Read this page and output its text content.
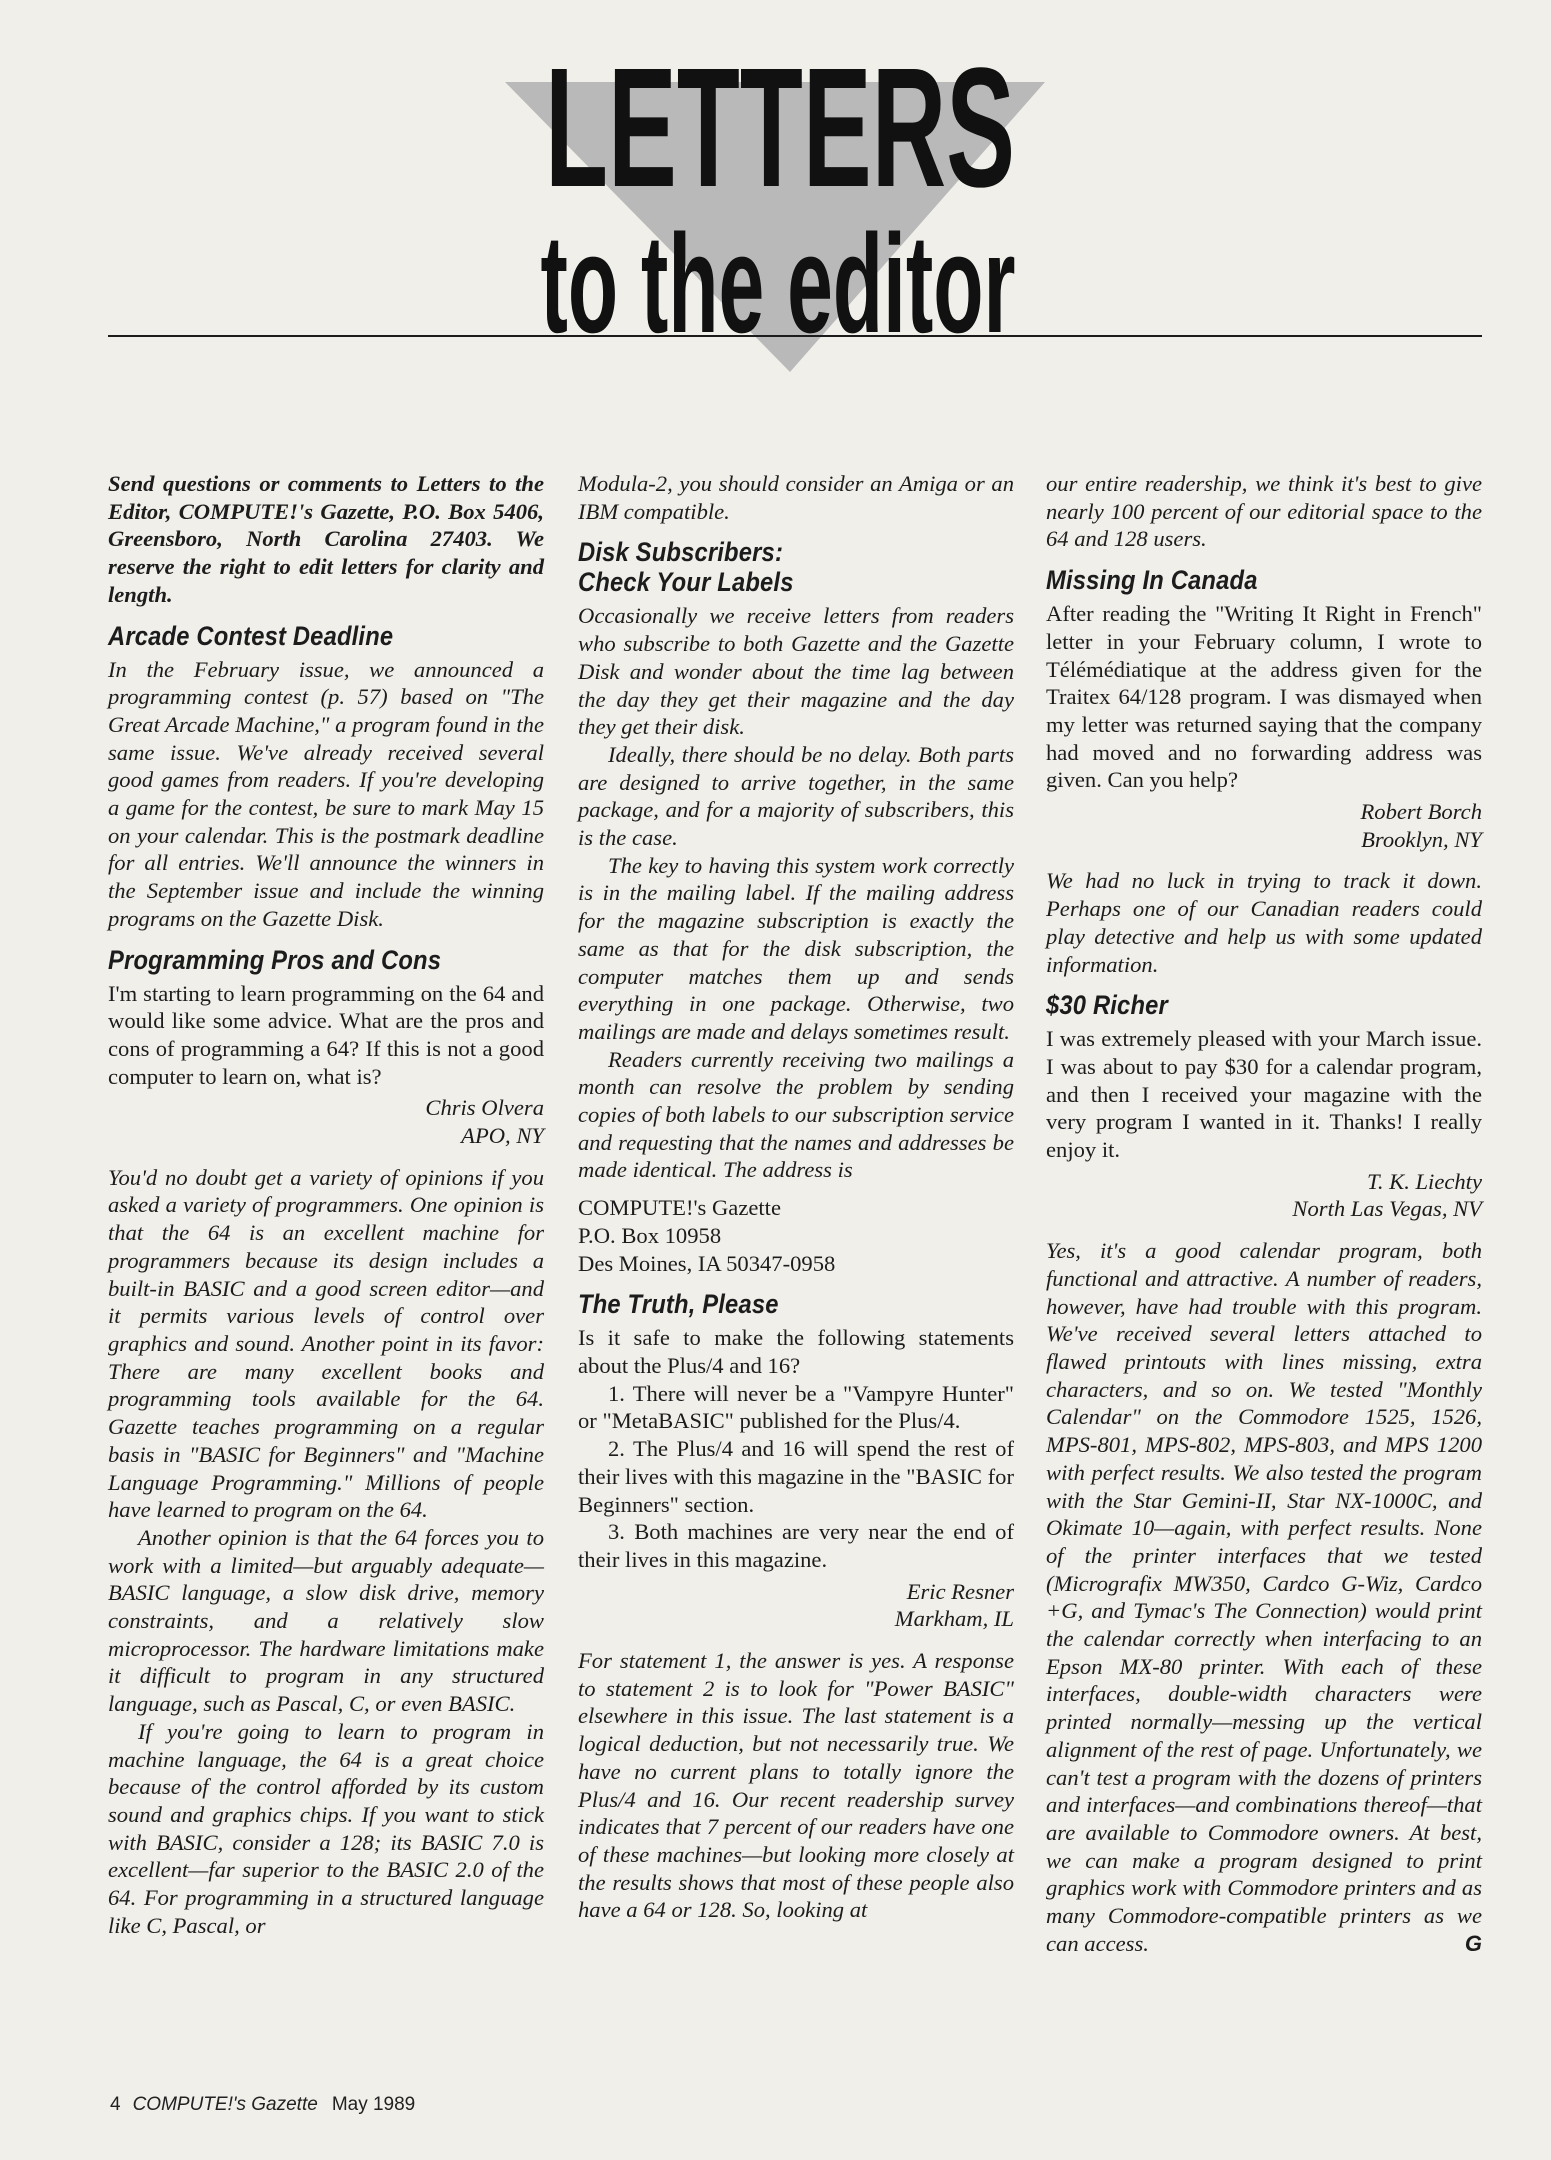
LETTERS
to the editor

Send questions or comments to Letters to the Editor, COMPUTE!'s Gazette, P.O. Box 5406, Greensboro, North Carolina 27403. We reserve the right to edit letters for clarity and length.

Arcade Contest Deadline

In the February issue, we announced a programming contest (p. 57) based on "The Great Arcade Machine," a program found in the same issue. We've already received several good games from readers. If you're developing a game for the contest, be sure to mark May 15 on your calendar. This is the postmark deadline for all entries. We'll announce the winners in the September issue and include the winning programs on the Gazette Disk.

Programming Pros and Cons

I'm starting to learn programming on the 64 and would like some advice. What are the pros and cons of programming a 64? If this is not a good computer to learn on, what is?

Chris Olvera
APO, NY

You'd no doubt get a variety of opinions if you asked a variety of programmers. One opinion is that the 64 is an excellent machine for programmers because its design includes a built-in BASIC and a good screen editor—and it permits various levels of control over graphics and sound. Another point in its favor: There are many excellent books and programming tools available for the 64. Gazette teaches programming on a regular basis in "BASIC for Beginners" and "Machine Language Programming." Millions of people have learned to program on the 64.

Another opinion is that the 64 forces you to work with a limited—but arguably adequate—BASIC language, a slow disk drive, memory constraints, and a relatively slow microprocessor. The hardware limitations make it difficult to program in any structured language, such as Pascal, C, or even BASIC.

If you're going to learn to program in machine language, the 64 is a great choice because of the control afforded by its custom sound and graphics chips. If you want to stick with BASIC, consider a 128; its BASIC 7.0 is excellent—far superior to the BASIC 2.0 of the 64. For programming in a structured language like C, Pascal, or

Modula-2, you should consider an Amiga or an IBM compatible.

Disk Subscribers:
Check Your Labels

Occasionally we receive letters from readers who subscribe to both Gazette and the Gazette Disk and wonder about the time lag between the day they get their magazine and the day they get their disk.

Ideally, there should be no delay. Both parts are designed to arrive together, in the same package, and for a majority of subscribers, this is the case.

The key to having this system work correctly is in the mailing label. If the mailing address for the magazine subscription is exactly the same as that for the disk subscription, the computer matches them up and sends everything in one package. Otherwise, two mailings are made and delays sometimes result.

Readers currently receiving two mailings a month can resolve the problem by sending copies of both labels to our subscription service and requesting that the names and addresses be made identical. The address is

COMPUTE!'s Gazette
P.O. Box 10958
Des Moines, IA 50347-0958
The Truth, Please

Is it safe to make the following statements about the Plus/4 and 16?

1. There will never be a "Vampyre Hunter" or "MetaBASIC" published for the Plus/4.

2. The Plus/4 and 16 will spend the rest of their lives with this magazine in the "BASIC for Beginners" section.

3. Both machines are very near the end of their lives in this magazine.

Eric Resner
Markham, IL

For statement 1, the answer is yes. A response to statement 2 is to look for "Power BASIC" elsewhere in this issue. The last statement is a logical deduction, but not necessarily true. We have no current plans to totally ignore the Plus/4 and 16. Our recent readership survey indicates that 7 percent of our readers have one of these machines—but looking more closely at the results shows that most of these people also have a 64 or 128. So, looking at

our entire readership, we think it's best to give nearly 100 percent of our editorial space to the 64 and 128 users.

Missing In Canada

After reading the "Writing It Right in French" letter in your February column, I wrote to Télémédiatique at the address given for the Traitex 64/128 program. I was dismayed when my letter was returned saying that the company had moved and no forwarding address was given. Can you help?

Robert Borch
Brooklyn, NY

We had no luck in trying to track it down. Perhaps one of our Canadian readers could play detective and help us with some updated information.

$30 Richer

I was extremely pleased with your March issue. I was about to pay $30 for a calendar program, and then I received your magazine with the very program I wanted in it. Thanks! I really enjoy it.

T. K. Liechty
North Las Vegas, NV

Yes, it's a good calendar program, both functional and attractive. A number of readers, however, have had trouble with this program. We've received several letters attached to flawed printouts with lines missing, extra characters, and so on. We tested "Monthly Calendar" on the Commodore 1525, 1526, MPS-801, MPS-802, MPS-803, and MPS 1200 with perfect results. We also tested the program with the Star Gemini-II, Star NX-1000C, and Okimate 10—again, with perfect results. None of the printer interfaces that we tested (Micrografix MW350, Cardco G-Wiz, Cardco +G, and Tymac's The Connection) would print the calendar correctly when interfacing to an Epson MX-80 printer. With each of these interfaces, double-width characters were printed normally—messing up the vertical alignment of the rest of page. Unfortunately, we can't test a program with the dozens of printers and interfaces—and combinations thereof—that are available to Commodore owners. At best, we can make a program designed to print graphics work with Commodore printers and as many Commodore-compatible printers as we can access.	G

4 COMPUTE!'s Gazette May 1989
